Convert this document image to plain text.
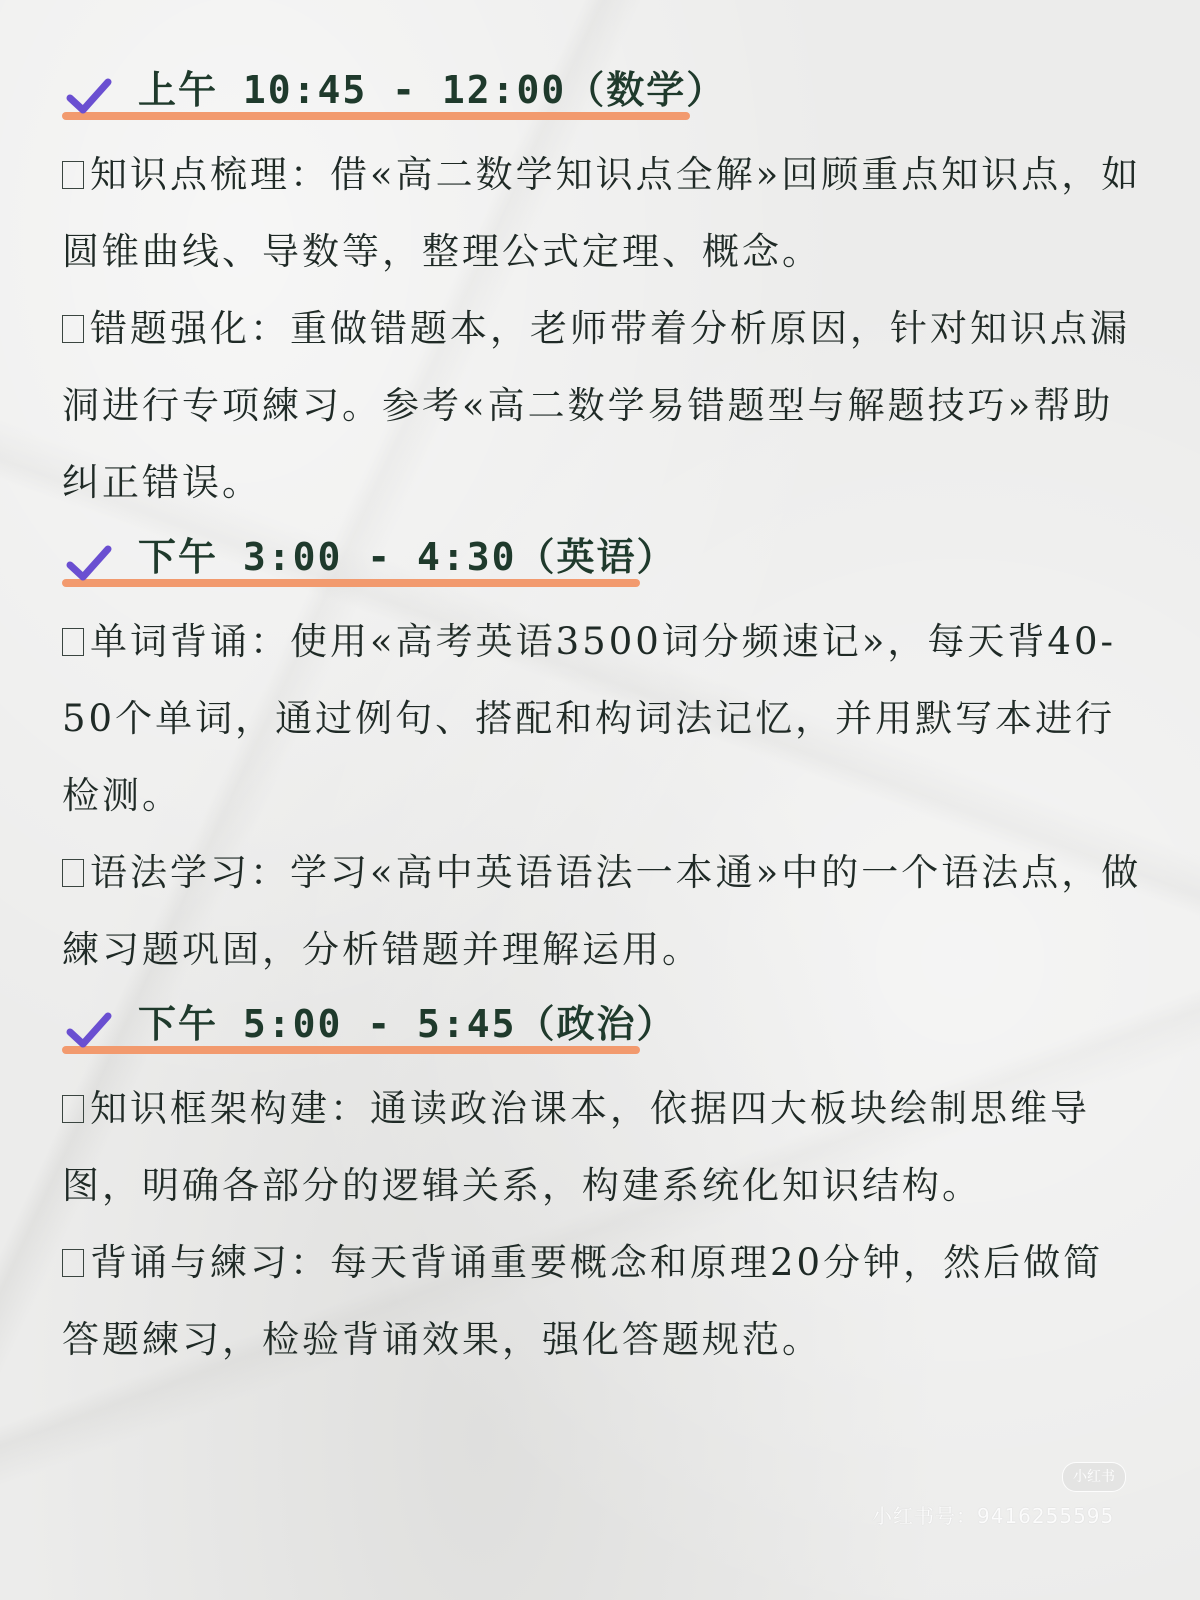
上午 10:45 - 12:00（数学）

知识点梳理：借«高二数学知识点全解»回顾重点知识点，如圆锥曲线、导数等，整理公式定理、概念。

错题强化：重做错题本，老师带着分析原因，针对知识点漏洞进行专项練习。参考«高二数学易错题型与解题技巧»帮助纠正错误。

下午 3:00 - 4:30（英语）

单词背诵：使用«高考英语3500词分频速记»，每天背40-50个单词，通过例句、搭配和构词法记忆，并用默写本进行检测。

语法学习：学习«高中英语语法一本通»中的一个语法点，做練习题巩固，分析错题并理解运用。

下午 5:00 - 5:45（政治）

知识框架构建：通读政治课本，依据四大板块绘制思维导图，明确各部分的逻辑关系，构建系统化知识结构。

背诵与練习：每天背诵重要概念和原理20分钟，然后做简答题練习，检验背诵效果，强化答题规范。

小红书
小红书号：9416255595
